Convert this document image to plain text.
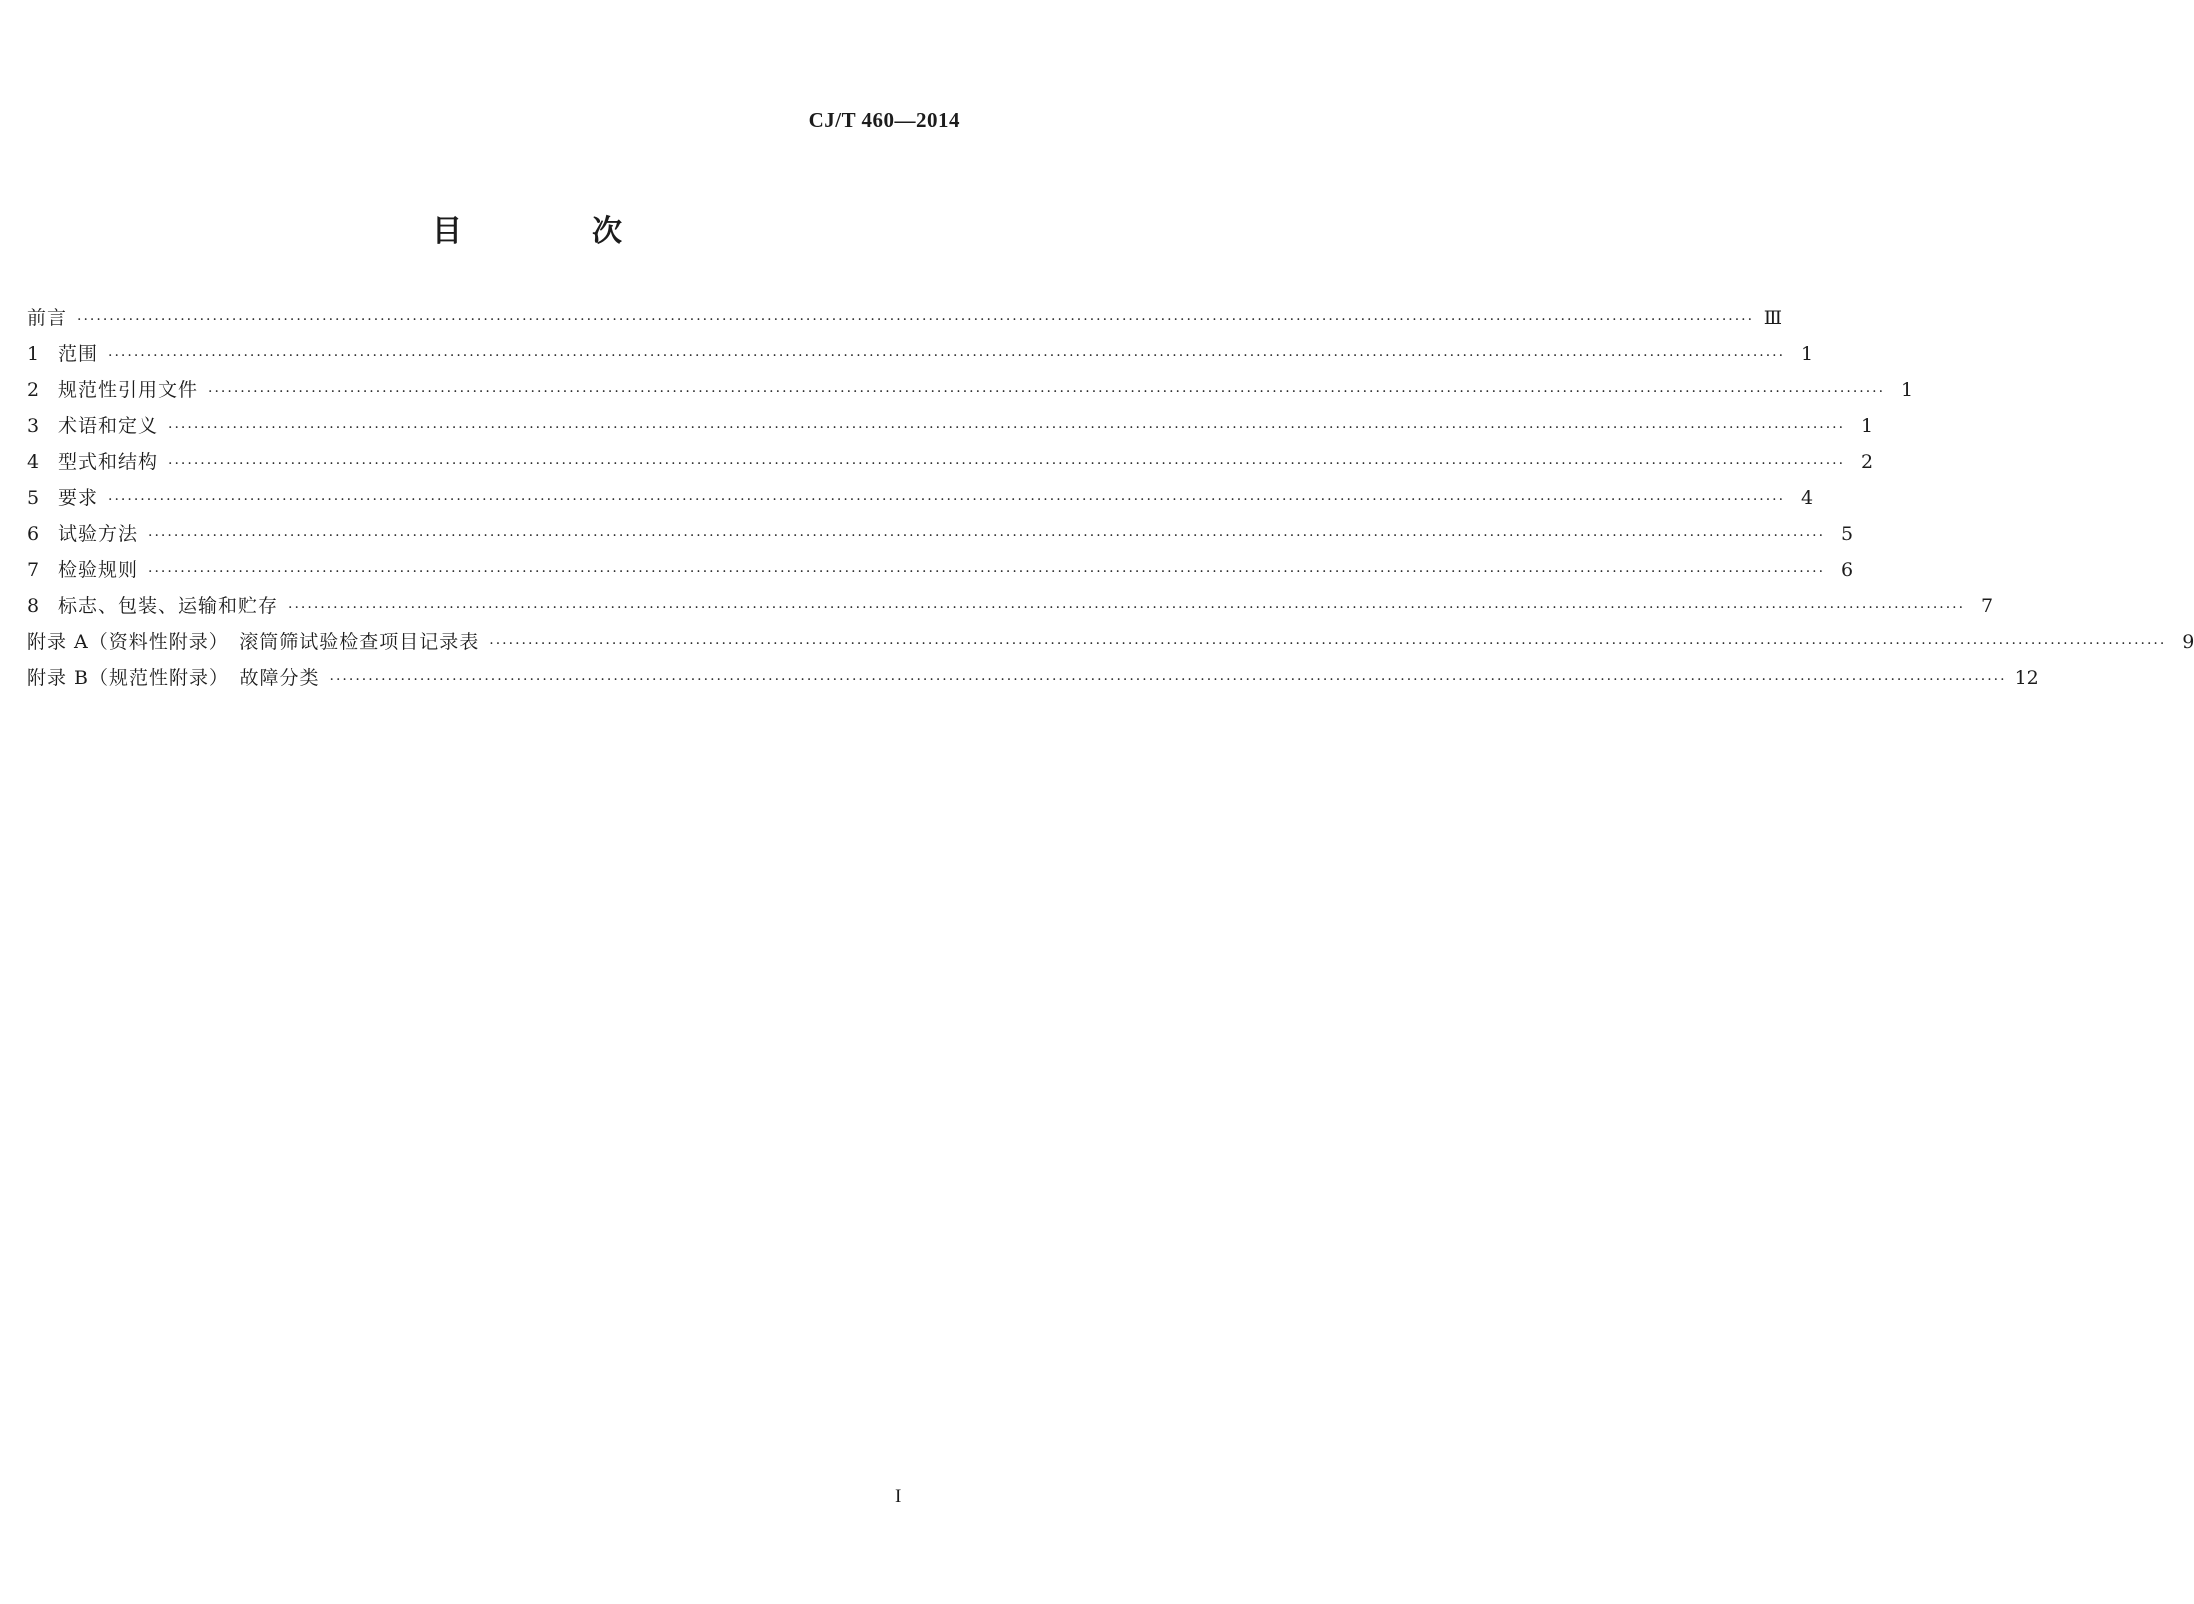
CJ/T 460—2014
目　次
前言 ···································································································································································································································································· Ⅲ
1 范围 ···································································································································································································································································· 1
2 规范性引用文件 ···································································································································································································································································· 1
3 术语和定义 ···································································································································································································································································· 1
4 型式和结构 ···································································································································································································································································· 2
5 要求 ···································································································································································································································································· 4
6 试验方法 ···································································································································································································································································· 5
7 检验规则 ···································································································································································································································································· 6
8 标志、包装、运输和贮存 ···································································································································································································································································· 7
附录 A（资料性附录）　滚筒筛试验检查项目记录表 ···································································································································································································································································· 9
附录 B（规范性附录）　故障分类 ···································································································································································································································································· 12
I
